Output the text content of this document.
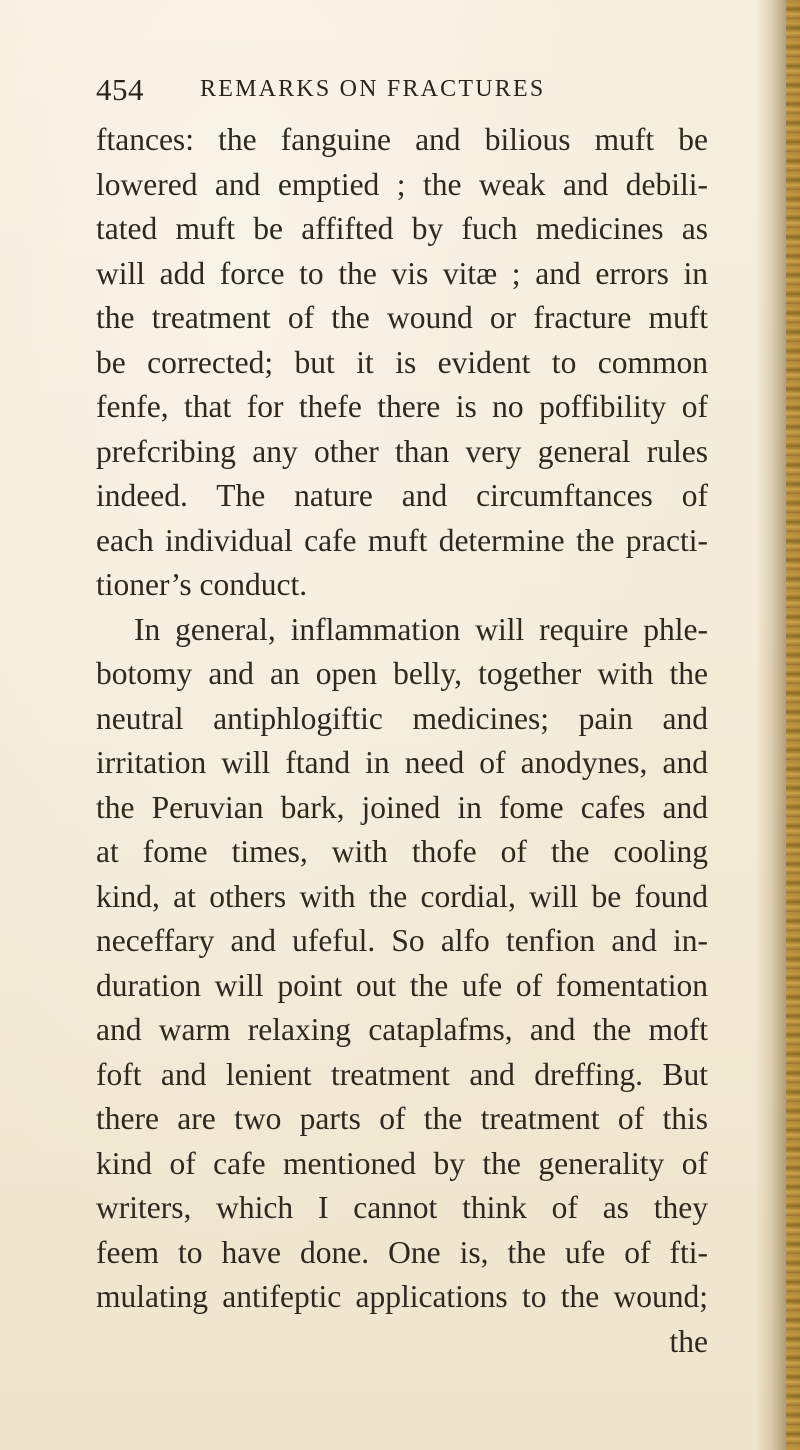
454 REMARKS ON FRACTURES
ftances: the fanguine and bilious muft be
lowered and emptied ; the weak and debili-
tated muft be affifted by fuch medicines as
will add force to the vis vitæ ; and errors in
the treatment of the wound or fracture muft
be corrected; but it is evident to common
fenfe, that for thefe there is no poffibility of
prefcribing any other than very general rules
indeed. The nature and circumftances of
each individual cafe muft determine the practi-
tioner’s conduct.
In general, inflammation will require phle-
botomy and an open belly, together with the
neutral antiphlogiftic medicines; pain and
irritation will ftand in need of anodynes, and
the Peruvian bark, joined in fome cafes and
at fome times, with thofe of the cooling
kind, at others with the cordial, will be found
neceffary and ufeful. So alfo tenfion and in-
duration will point out the ufe of fomentation
and warm relaxing cataplafms, and the moft
foft and lenient treatment and dreffing. But
there are two parts of the treatment of this
kind of cafe mentioned by the generality of
writers, which I cannot think of as they
feem to have done. One is, the ufe of fti-
mulating antifeptic applications to the wound;
the
